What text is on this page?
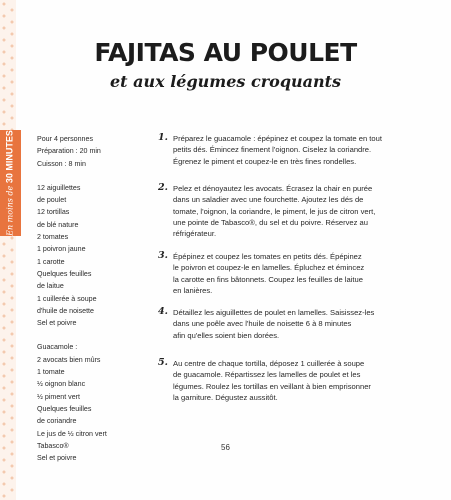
En moins de 30 MINUTES
FAJITAS AU POULET
et aux légumes croquants
Pour 4 personnes
Préparation : 20 min
Cuisson : 8 min
12 aiguillettes
de poulet
12 tortillas
de blé nature
2 tomates
1 poivron jaune
1 carotte
Quelques feuilles
de laitue
1 cuillerée à soupe
d'huile de noisette
Sel et poivre
Guacamole :
2 avocats bien mûrs
1 tomate
½ oignon blanc
½ piment vert
Quelques feuilles
de coriandre
Le jus de ½ citron vert
Tabasco®
Sel et poivre
1. Préparez le guacamole : épépinez et coupez la tomate en tout
petits dés. Émincez finement l'oignon. Ciselez la coriandre.
Égrenez le piment et coupez-le en très fines rondelles.
2. Pelez et dénoyautez les avocats. Écrasez la chair en purée
dans un saladier avec une fourchette. Ajoutez les dés de
tomate, l'oignon, la coriandre, le piment, le jus de citron vert,
une pointe de Tabasco®, du sel et du poivre. Réservez au
réfrigérateur.
3. Épépinez et coupez les tomates en petits dés. Épépinez
le poivron et coupez-le en lamelles. Épluchez et émincez
la carotte en fins bâtonnets. Coupez les feuilles de laitue
en lanières.
4. Détaillez les aiguillettes de poulet en lamelles. Saisissez-les
dans une poêle avec l'huile de noisette 6 à 8 minutes
afin qu'elles soient bien dorées.
5. Au centre de chaque tortilla, déposez 1 cuillerée à soupe
de guacamole. Répartissez les lamelles de poulet et les
légumes. Roulez les tortillas en veillant à bien emprisonner
la garniture. Dégustez aussitôt.
56
